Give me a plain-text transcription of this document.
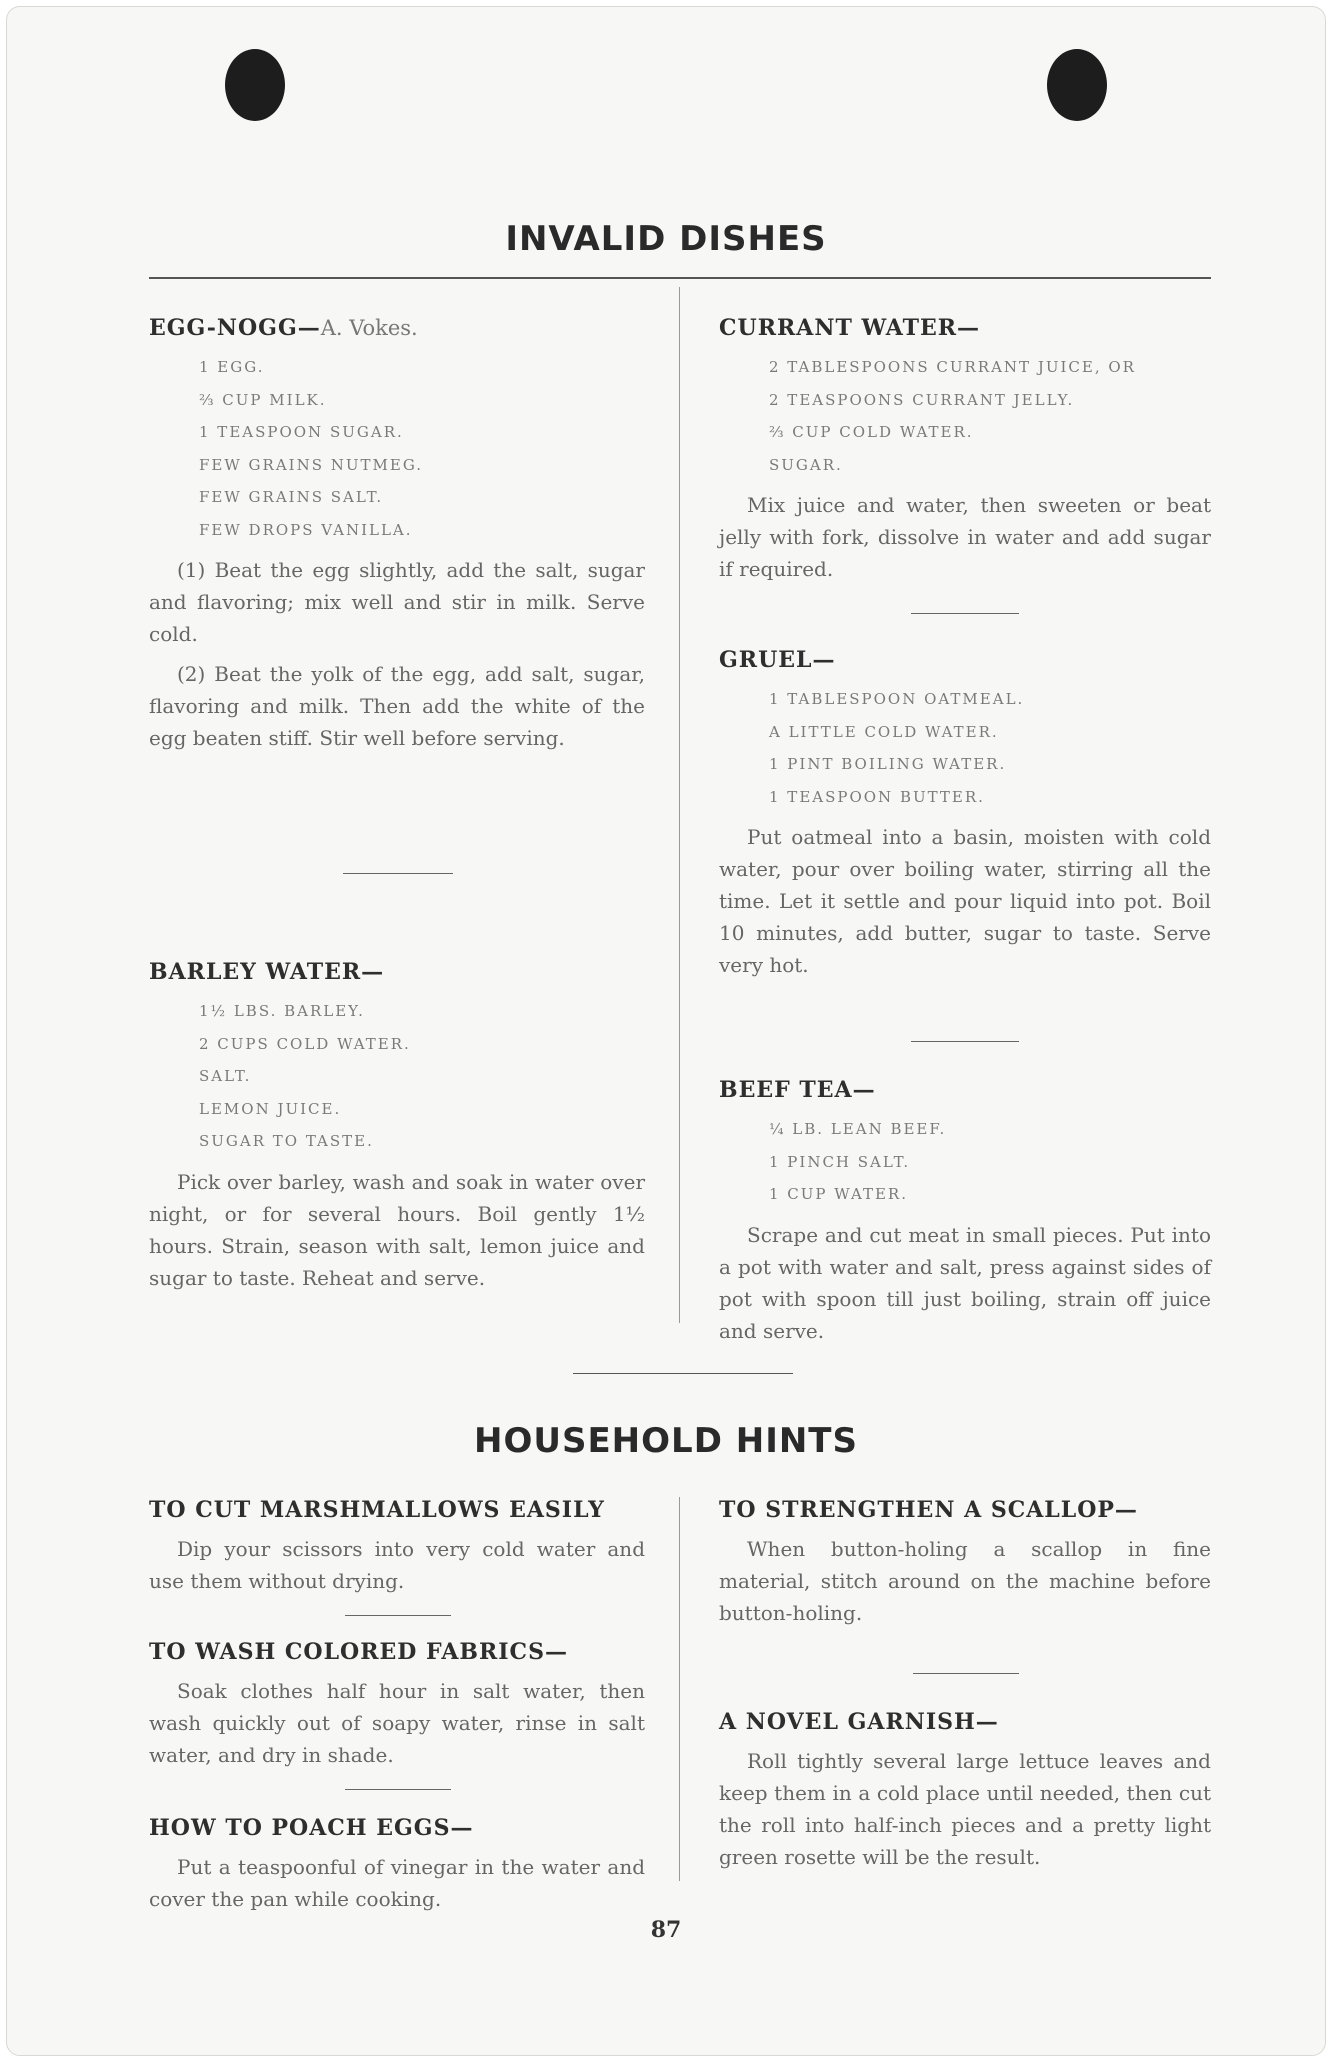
INVALID DISHES
EGG-NOGG—A. Vokes.
1 EGG.
⅔ CUP MILK.
1 TEASPOON SUGAR.
FEW GRAINS NUTMEG.
FEW GRAINS SALT.
FEW DROPS VANILLA.

(1) Beat the egg slightly, add the salt, sugar and flavoring; mix well and stir in milk. Serve cold.

(2) Beat the yolk of the egg, add salt, sugar, flavoring and milk. Then add the white of the egg beaten stiff. Stir well before serving.

BARLEY WATER—
1½ LBS. BARLEY.
2 CUPS COLD WATER.
SALT.
LEMON JUICE.
SUGAR TO TASTE.

Pick over barley, wash and soak in water over night, or for several hours. Boil gently 1½ hours. Strain, season with salt, lemon juice and sugar to taste. Reheat and serve.

CURRANT WATER—
2 TABLESPOONS CURRANT JUICE, OR
2 TEASPOONS CURRANT JELLY.
⅔ CUP COLD WATER.
SUGAR.

Mix juice and water, then sweeten or beat jelly with fork, dissolve in water and add sugar if required.

GRUEL—
1 TABLESPOON OATMEAL.
A LITTLE COLD WATER.
1 PINT BOILING WATER.
1 TEASPOON BUTTER.

Put oatmeal into a basin, moisten with cold water, pour over boiling water, stirring all the time. Let it settle and pour liquid into pot. Boil 10 minutes, add butter, sugar to taste. Serve very hot.

BEEF TEA—
¼ LB. LEAN BEEF.
1 PINCH SALT.
1 CUP WATER.

Scrape and cut meat in small pieces. Put into a pot with water and salt, press against sides of pot with spoon till just boiling, strain off juice and serve.

HOUSEHOLD HINTS
TO CUT MARSHMALLOWS EASILY

Dip your scissors into very cold water and use them without drying.

TO WASH COLORED FABRICS—

Soak clothes half hour in salt water, then wash quickly out of soapy water, rinse in salt water, and dry in shade.

HOW TO POACH EGGS—

Put a teaspoonful of vinegar in the water and cover the pan while cooking.

TO STRENGTHEN A SCALLOP—

When button-holing a scallop in fine material, stitch around on the machine before button-holing.

A NOVEL GARNISH—

Roll tightly several large lettuce leaves and keep them in a cold place until needed, then cut the roll into half-inch pieces and a pretty light green rosette will be the result.

87
